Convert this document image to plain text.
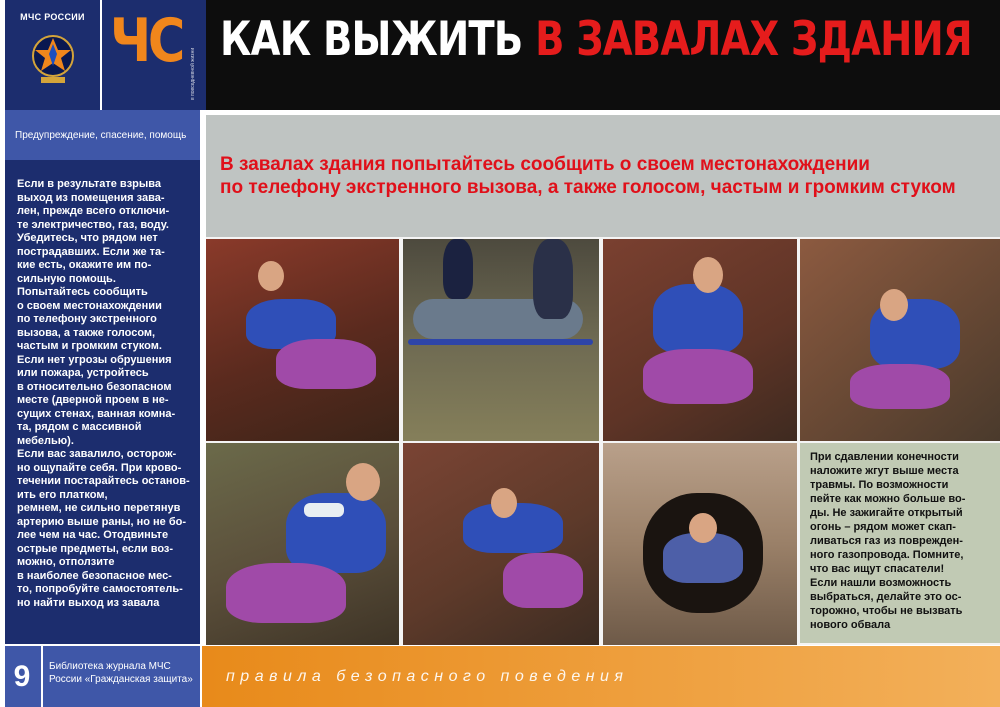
МЧС РОССИИ ЧС в повседневной жизни
КАК ВЫЖИТЬ В ЗАВАЛАХ ЗДАНИЯ
Предупреждение, спасение, помощь
Если в результате взрыва
выход из помещения зава-
лен, прежде всего отключи-
те электричество, газ, воду.
Убедитесь, что рядом нет
пострадавших. Если же та-
кие есть, окажите им по-
сильную помощь.
Попытайтесь сообщить
о своем местонахождении
по телефону экстренного
вызова, а также голосом,
частым и громким стуком.
Если нет угрозы обрушения
или пожара, устройтесь
в относительно безопасном
месте (дверной проем в не-
сущих стенах, ванная комна-
та, рядом с массивной
мебелью).
Если вас завалило, осторож-
но ощупайте себя. При крово-
течении постарайтесь останов-
ить его платком,
ремнем, не сильно перетянув
артерию выше раны, но не бо-
лее чем на час. Отодвиньте
острые предметы, если воз-
можно, отползите
в наиболее безопасное мес-
то, попробуйте самостоятель-
но найти выход из завала
В завалах здания попытайтесь сообщить о своем местонахождении
по телефону экстренного вызова, а также голосом, частым и громким стуком
При сдавлении конечности
наложите жгут выше места
травмы. По возможности
пейте как можно больше во-
ды. Не зажигайте открытый
огонь – рядом может скап-
ливаться газ из поврежден-
ного газопровода. Помните,
что вас ищут спасатели!
Если нашли возможность
выбраться, делайте это ос-
торожно, чтобы не вызвать
нового обвала
9	Библиотека журнала МЧС
России «Гражданская защита»	правила безопасного поведения
